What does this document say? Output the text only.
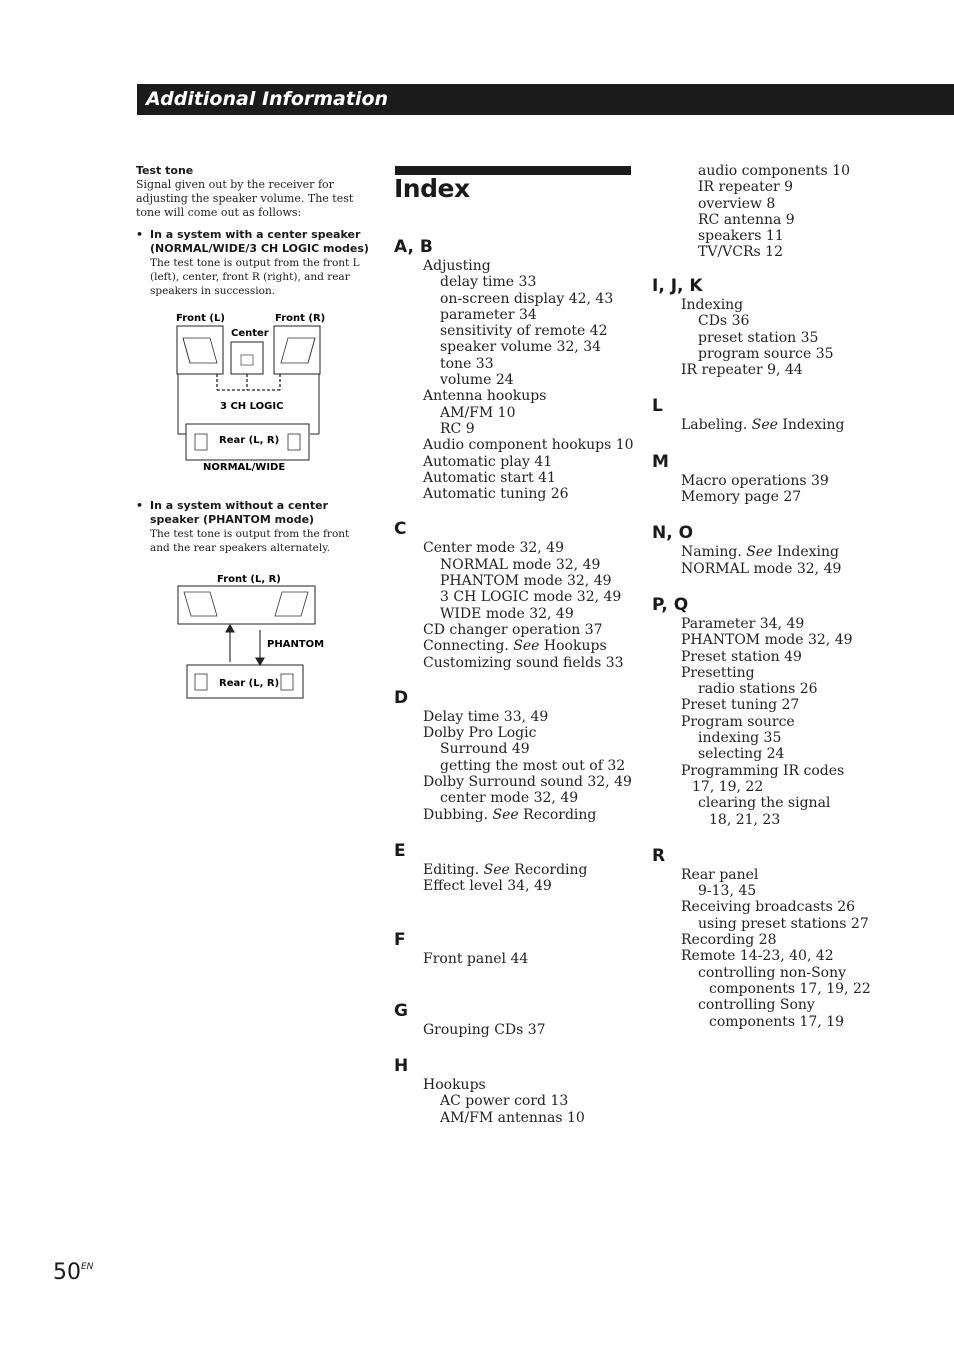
Additional Information
Test tone
Signal given out by the receiver for adjusting the speaker volume. The test tone will come out as follows:
• In a system with a center speaker (NORMAL/WIDE/3 CH LOGIC modes)
The test tone is output from the front L (left), center, front R (right), and rear speakers in succession.
Front (L)
Center
Front (R)
3 CH LOGIC
Rear (L, R)
NORMAL/WIDE
• In a system without a center speaker (PHANTOM mode)
The test tone is output from the front and the rear speakers alternately.
Front (L, R)
PHANTOM
Rear (L, R)
Index
A, B
Adjusting
delay time 33
on-screen display 42, 43
parameter 34
sensitivity of remote 42
speaker volume 32, 34
tone 33
volume 24
Antenna hookups
AM/FM 10
RC 9
Audio component hookups 10
Automatic play 41
Automatic start 41
Automatic tuning 26
C
Center mode 32, 49
NORMAL mode 32, 49
PHANTOM mode 32, 49
3 CH LOGIC mode 32, 49
WIDE mode 32, 49
CD changer operation 37
Connecting. See Hookups
Customizing sound fields 33
D
Delay time 33, 49
Dolby Pro Logic
Surround 49
getting the most out of 32
Dolby Surround sound 32, 49
center mode 32, 49
Dubbing. See Recording
E
Editing. See Recording
Effect level 34, 49
F
Front panel 44
G
Grouping CDs 37
H
Hookups
AC power cord 13
AM/FM antennas 10
audio components 10
IR repeater 9
overview 8
RC antenna 9
speakers 11
TV/VCRs 12
I, J, K
Indexing
CDs 36
preset station 35
program source 35
IR repeater 9, 44
L
Labeling. See Indexing
M
Macro operations 39
Memory page 27
N, O
Naming. See Indexing
NORMAL mode 32, 49
P, Q
Parameter 34, 49
PHANTOM mode 32, 49
Preset station 49
Presetting
radio stations 26
Preset tuning 27
Program source
indexing 35
selecting 24
Programming IR codes
17, 19, 22
clearing the signal
18, 21, 23
R
Rear panel
9-13, 45
Receiving broadcasts 26
using preset stations 27
Recording 28
Remote 14-23, 40, 42
controlling non-Sony
components 17, 19, 22
controlling Sony
components 17, 19
$50^{EN}$
